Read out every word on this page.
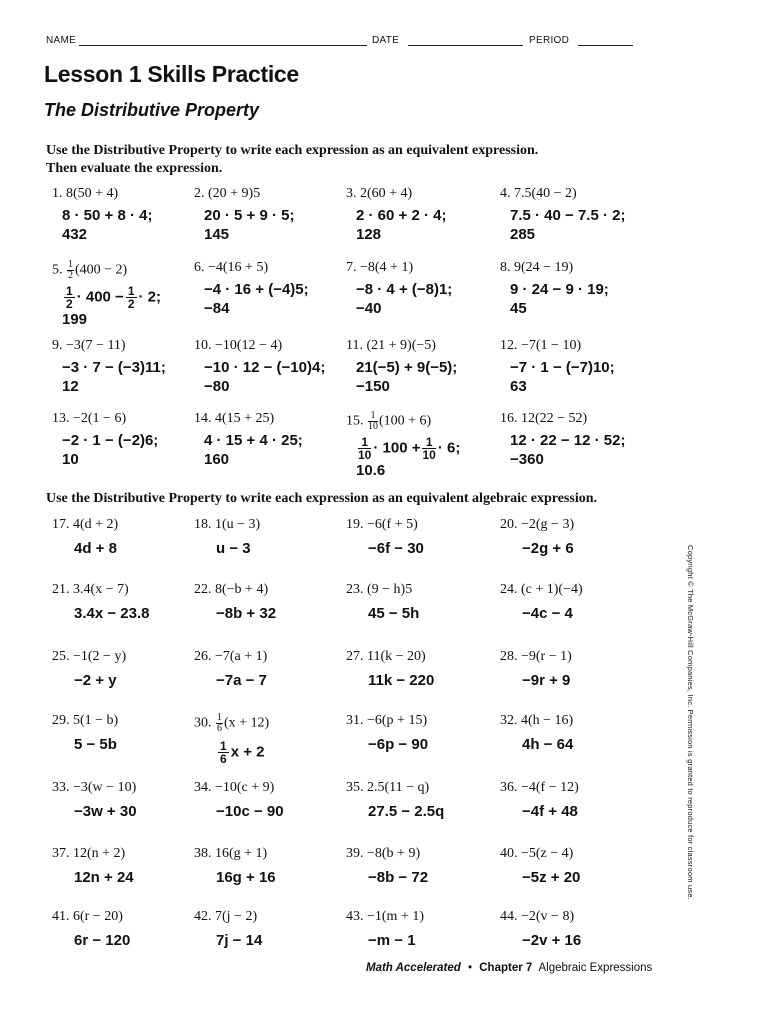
NAME	DATE	PERIOD
Lesson 1 Skills Practice
The Distributive Property
Use the Distributive Property to write each expression as an equivalent expression.
Then evaluate the expression.
Use the Distributive Property to write each expression as an equivalent algebraic expression.
1. 8(50 + 4)
8 · 50 + 8 · 4;
432
2. (20 + 9)5
20 · 5 + 9 · 5;
145
3. 2(60 + 4)
2 · 60 + 2 · 4;
128
4. 7.5(40 − 2)
7.5 · 40 − 7.5 · 2;
285
5. $\frac{1}{2} (400 - 2)$
$\frac{1}{2} \cdot 400 - \frac{1}{2} \cdot 2$;
199
6. −4(16 + 5)
−4 · 16 + (−4)5;
−84
7. −8(4 + 1)
−8 · 4 + (−8)1;
−40
8. 9(24 − 19)
9 · 24 − 9 · 19;
45
9. −3(7 − 11)
−3 · 7 − (−3)11;
12
10. −10(12 − 4)
−10 · 12 − (−10)4;
−80
11. (21 + 9)(−5)
21(−5) + 9(−5);
−150
12. −7(1 − 10)
−7 · 1 − (−7)10;
63
13. −2(1 − 6)
−2 · 1 − (−2)6;
10
14. 4(15 + 25)
4 · 15 + 4 · 25;
160
15. $\frac{1}{10} (100 + 6)$
$\frac{1}{10} \cdot 100 + \frac{1}{10} \cdot 6$;
10.6
16. 12(22 − 52)
12 · 22 − 12 · 52;
−360
17. 4(d + 2)
4d + 8
18. 1(u − 3)
u − 3
19. −6(f + 5)
−6f − 30
20. −2(g − 3)
−2g + 6
21. 3.4(x − 7)
3.4x − 23.8
22. 8(−b + 4)
−8b + 32
23. (9 − h)5
45 − 5h
24. (c + 1)(−4)
−4c − 4
25. −1(2 − y)
−2 + y
26. −7(a + 1)
−7a − 7
27. 11(k − 20)
11k − 220
28. −9(r − 1)
−9r + 9
29. 5(1 − b)
5 − 5b
30. $\frac{1}{6} (x + 12)$
$\frac{1}{6}$ x + 2
31. −6(p + 15)
−6p − 90
32. 4(h − 16)
4h − 64
33. −3(w − 10)
−3w + 30
34. −10(c + 9)
−10c − 90
35. 2.5(11 − q)
27.5 − 2.5q
36. −4(f − 12)
−4f + 48
37. 12(n + 2)
12n + 24
38. 16(g + 1)
16g + 16
39. −8(b + 9)
−8b − 72
40. −5(z − 4)
−5z + 20
41. 6(r − 20)
6r − 120
42. 7(j − 2)
7j − 14
43. −1(m + 1)
−m − 1
44. −2(v − 8)
−2v + 16
Copyright © The McGraw-Hill Companies, Inc. Permission is granted to reproduce for classroom use.
Math Accelerated • Chapter 7 Algebraic Expressions
